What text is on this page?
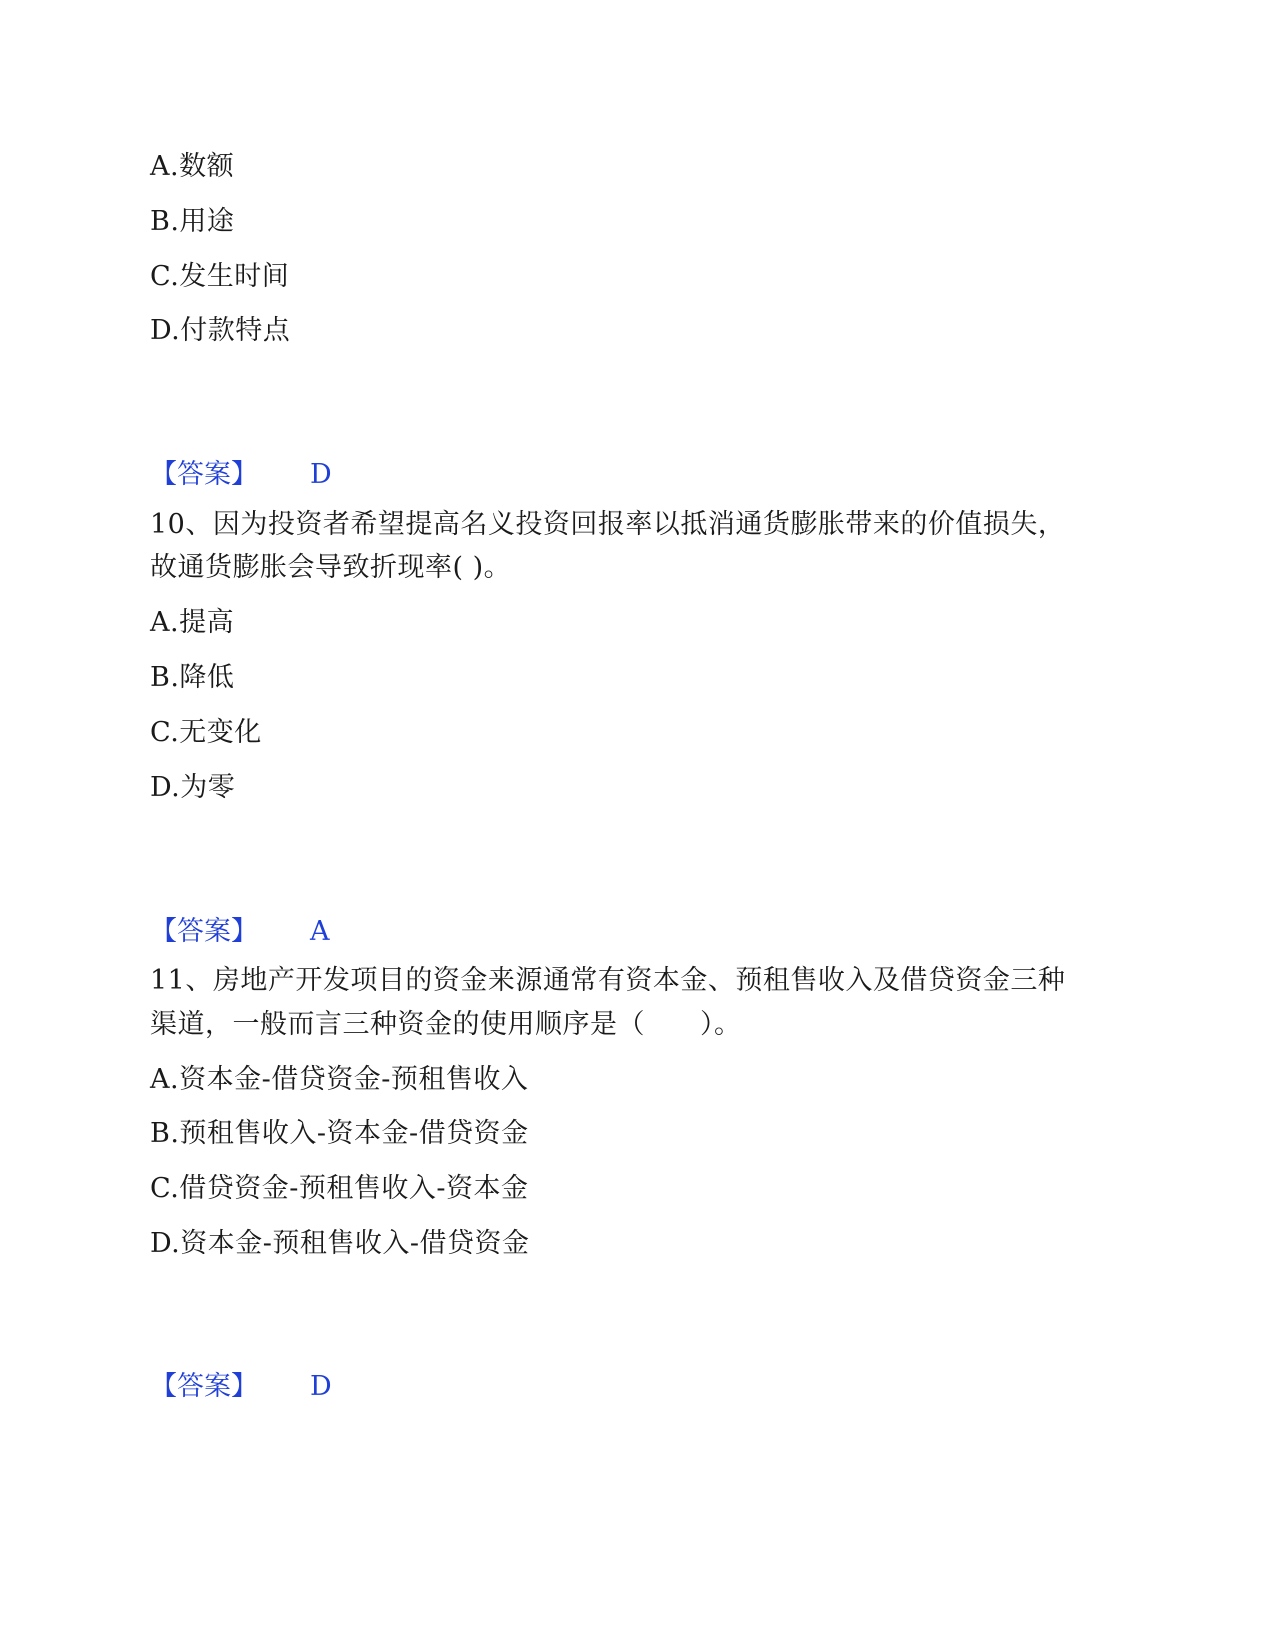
A.数额
B.用途
C.发生时间
D.付款特点
【答案】 D
10、因为投资者希望提高名义投资回报率以抵消通货膨胀带来的价值损失，
故通货膨胀会导致折现率( )。
A.提高
B.降低
C.无变化
D.为零
【答案】 A
11、房地产开发项目的资金来源通常有资本金、预租售收入及借贷资金三种
渠道，一般而言三种资金的使用顺序是（　　）。
A.资本金-借贷资金-预租售收入
B.预租售收入-资本金-借贷资金
C.借贷资金-预租售收入-资本金
D.资本金-预租售收入-借贷资金
【答案】 D
